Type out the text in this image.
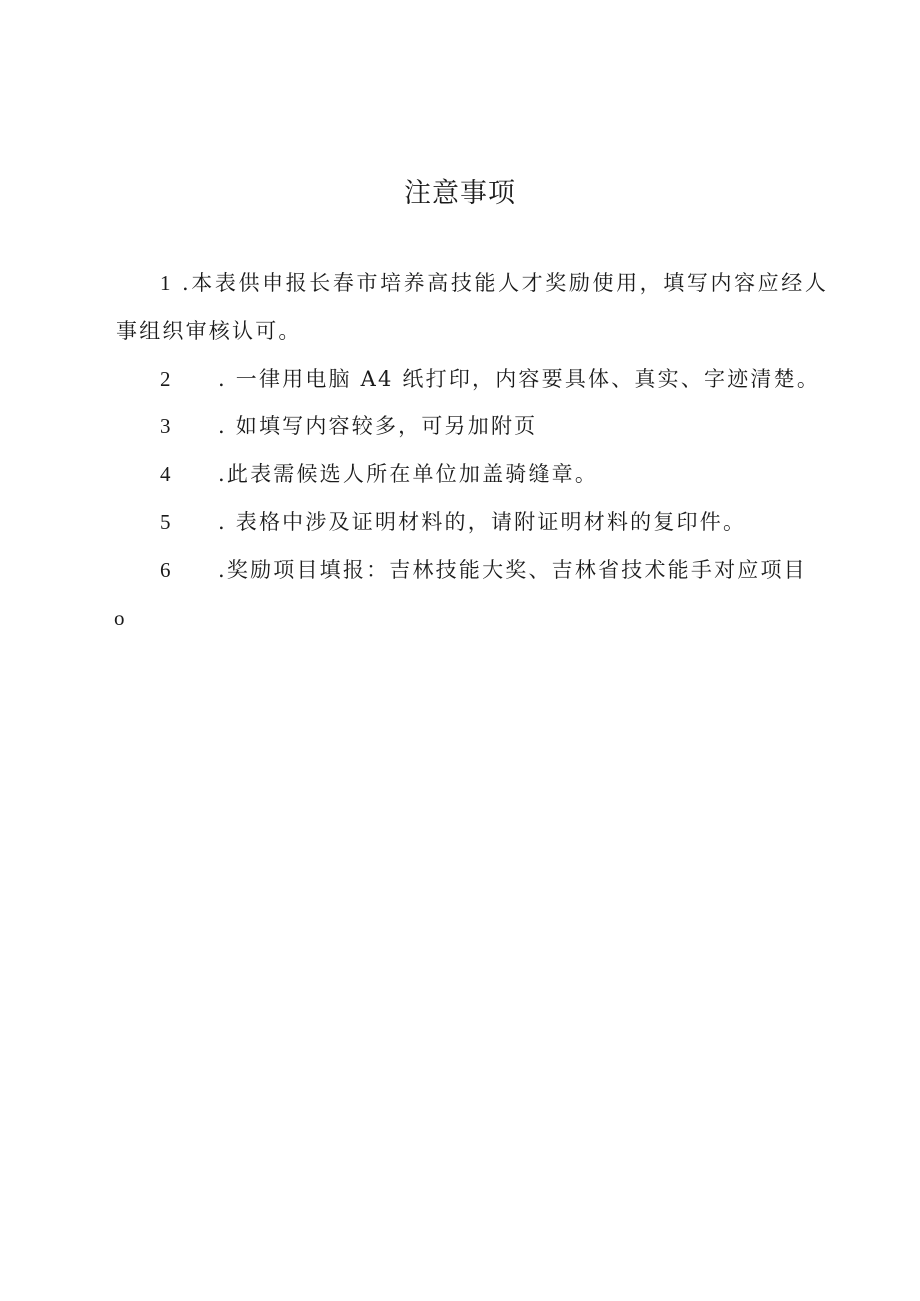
注意事项
1 .本表供申报长春市培养高技能人才奖励使用，填写内容应经人
事组织审核认可。
2 . 一律用电脑 A4 纸打印，内容要具体、真实、字迹清楚。
3 . 如填写内容较多，可另加附页
4 .此表需候选人所在单位加盖骑缝章。
5 . 表格中涉及证明材料的，请附证明材料的复印件。
6 .奖励项目填报：吉林技能大奖、吉林省技术能手对应项目
o
